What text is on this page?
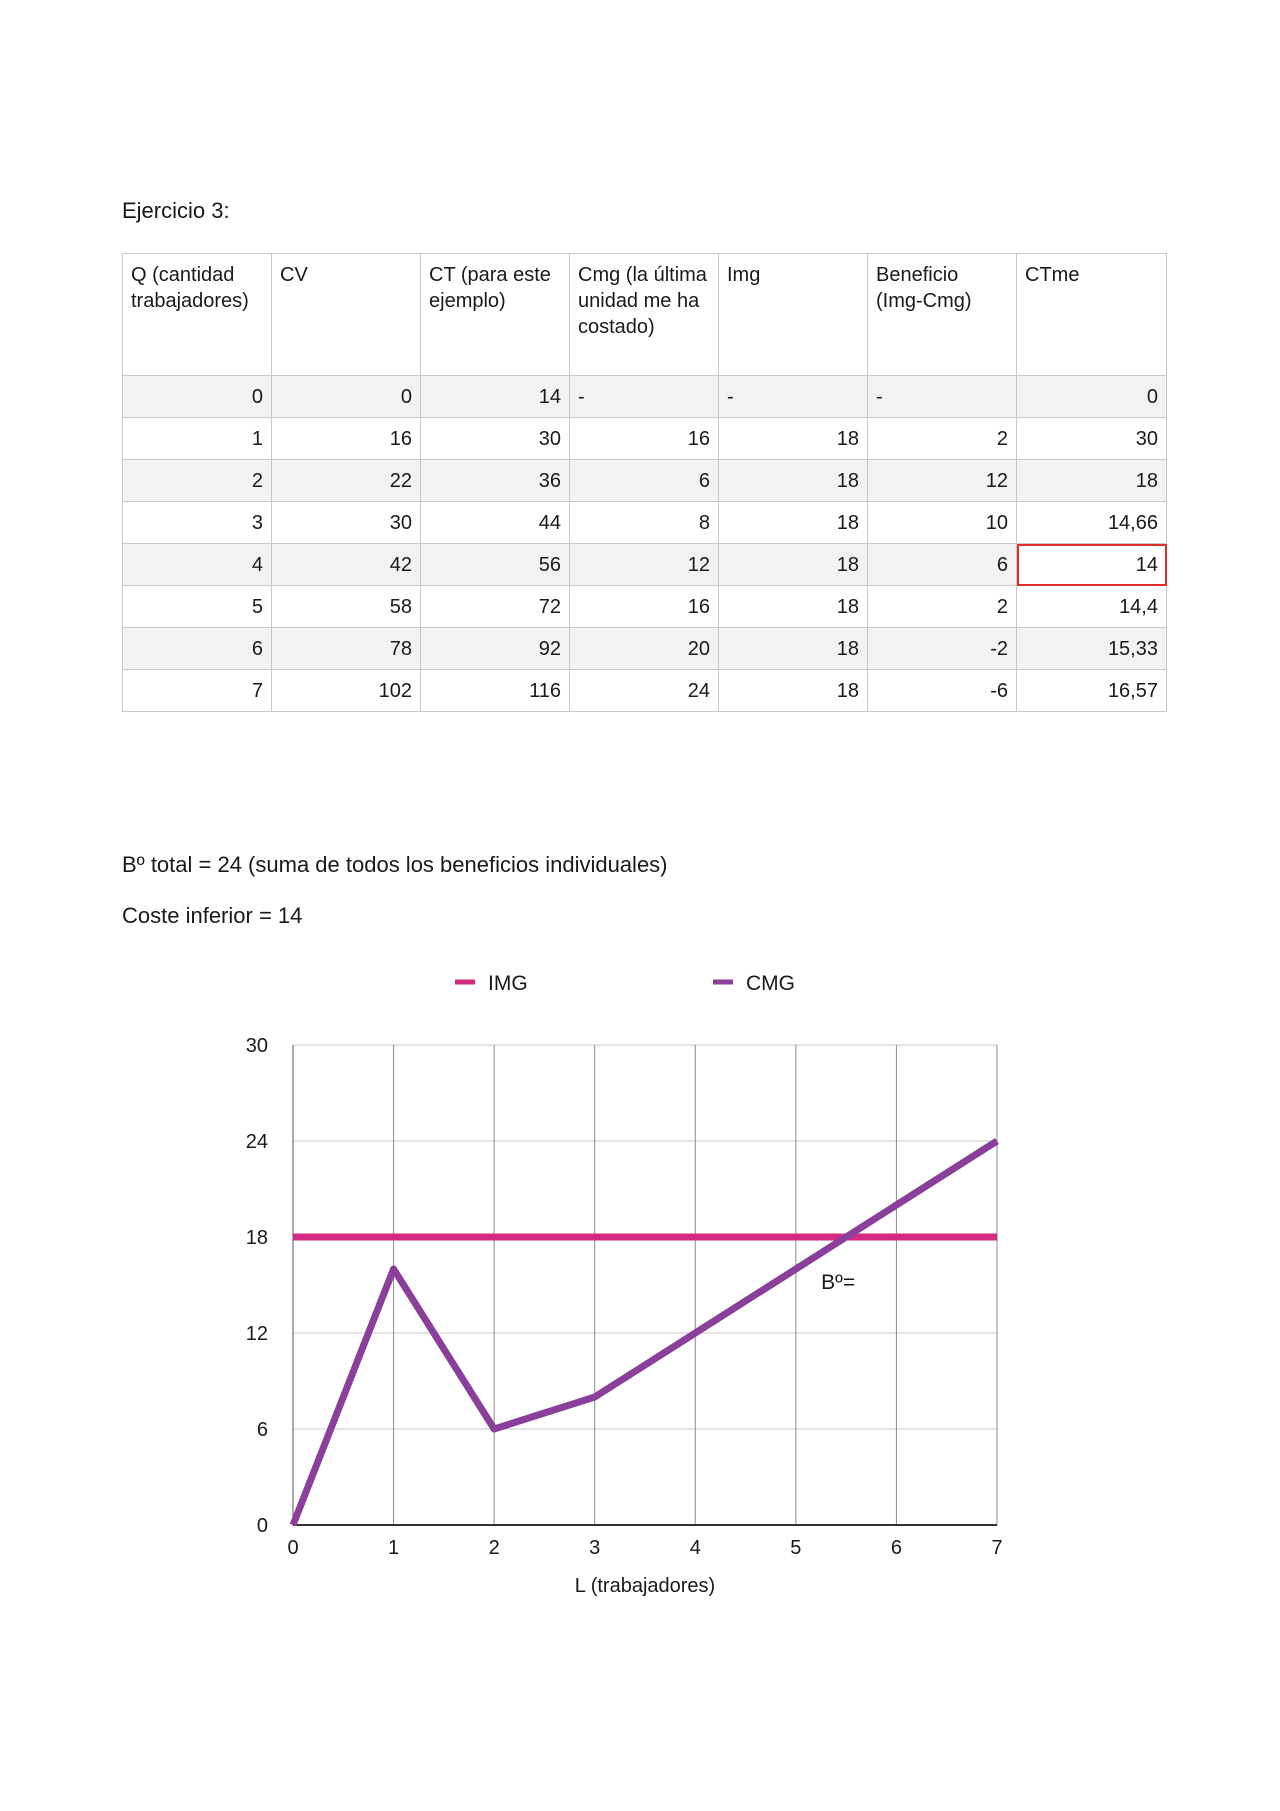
Ejercicio 3:
Q (cantidad trabajadores)	CV	CT (para este ejemplo)	Cmg (la última unidad me ha costado)	Img	Beneficio (Img-Cmg)	CTme
0	0	14	-	-	-	0
1	16	30	16	18	2	30
2	22	36	6	18	12	18
3	30	44	8	18	10	14,66
4	42	56	12	18	6	14
5	58	72	16	18	2	14,4
6	78	92	20	18	-2	15,33
7	102	116	24	18	-6	16,57
Bº total = 24 (suma de todos los beneficios individuales)
Coste inferior = 14
0
6
12
18
24
30
0	1	2	3	4	5	6	7
L (trabajadores)
IMG	CMG
Bº=
